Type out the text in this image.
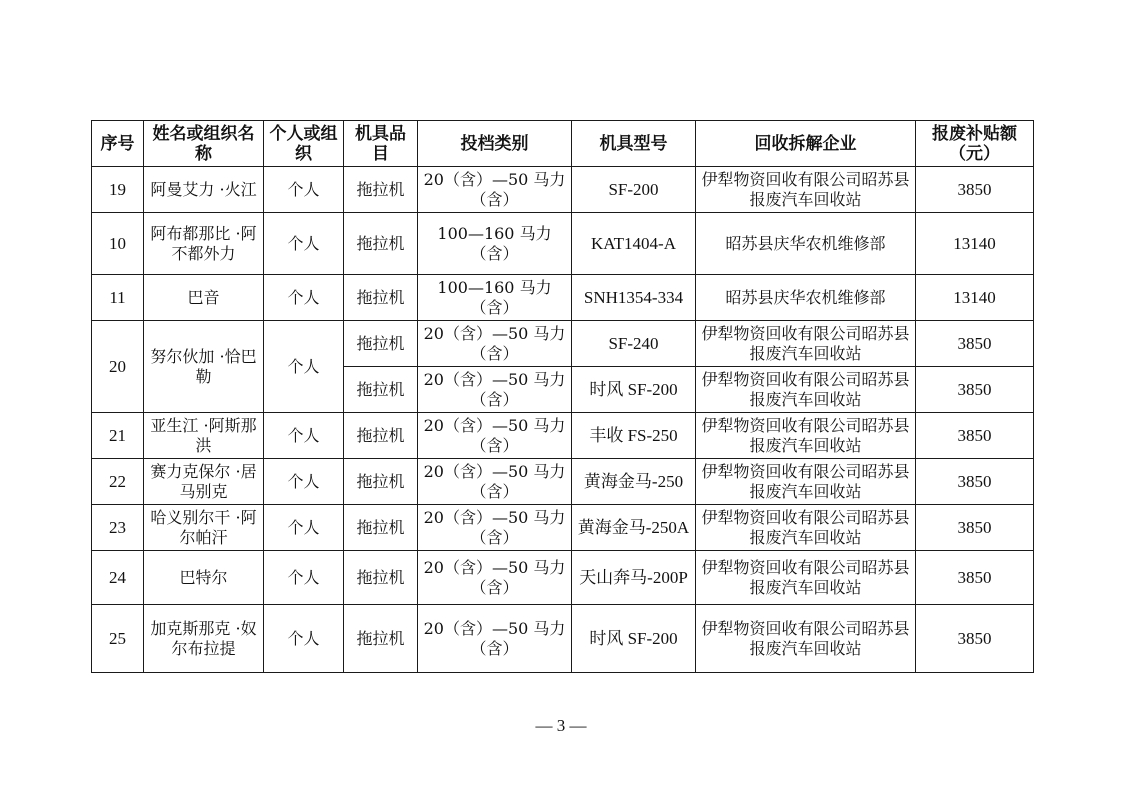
序号	姓名或组织名称	个人或组织	机具品目	投档类别	机具型号	回收拆解企业	报废补贴额（元）
19	阿曼艾力 ·火江	个人	拖拉机	20（含）—50 马力（含）	SF-200	伊犁物资回收有限公司昭苏县报废汽车回收站	3850
10	阿布都那比 ·阿不都外力	个人	拖拉机	100—160 马力（含）	KAT1404-A	昭苏县庆华农机维修部	13140
11	巴音	个人	拖拉机	100—160 马力（含）	SNH1354-334	昭苏县庆华农机维修部	13140
20	努尔伙加 ·恰巴勒	个人	拖拉机	20（含）—50 马力（含）	SF-240	伊犁物资回收有限公司昭苏县报废汽车回收站	3850
			拖拉机	20（含）—50 马力（含）	时风 SF-200	伊犁物资回收有限公司昭苏县报废汽车回收站	3850
21	亚生江 ·阿斯那洪	个人	拖拉机	20（含）—50 马力（含）	丰收 FS-250	伊犁物资回收有限公司昭苏县报废汽车回收站	3850
22	赛力克保尔 ·居马别克	个人	拖拉机	20（含）—50 马力（含）	黄海金马-250	伊犁物资回收有限公司昭苏县报废汽车回收站	3850
23	哈义别尔干 ·阿尔帕汗	个人	拖拉机	20（含）—50 马力（含）	黄海金马-250A	伊犁物资回收有限公司昭苏县报废汽车回收站	3850
24	巴特尔	个人	拖拉机	20（含）—50 马力（含）	天山奔马-200P	伊犁物资回收有限公司昭苏县报废汽车回收站	3850
25	加克斯那克 ·奴尔布拉提	个人	拖拉机	20（含）—50 马力（含）	时风 SF-200	伊犁物资回收有限公司昭苏县报废汽车回收站	3850
— 3 —
